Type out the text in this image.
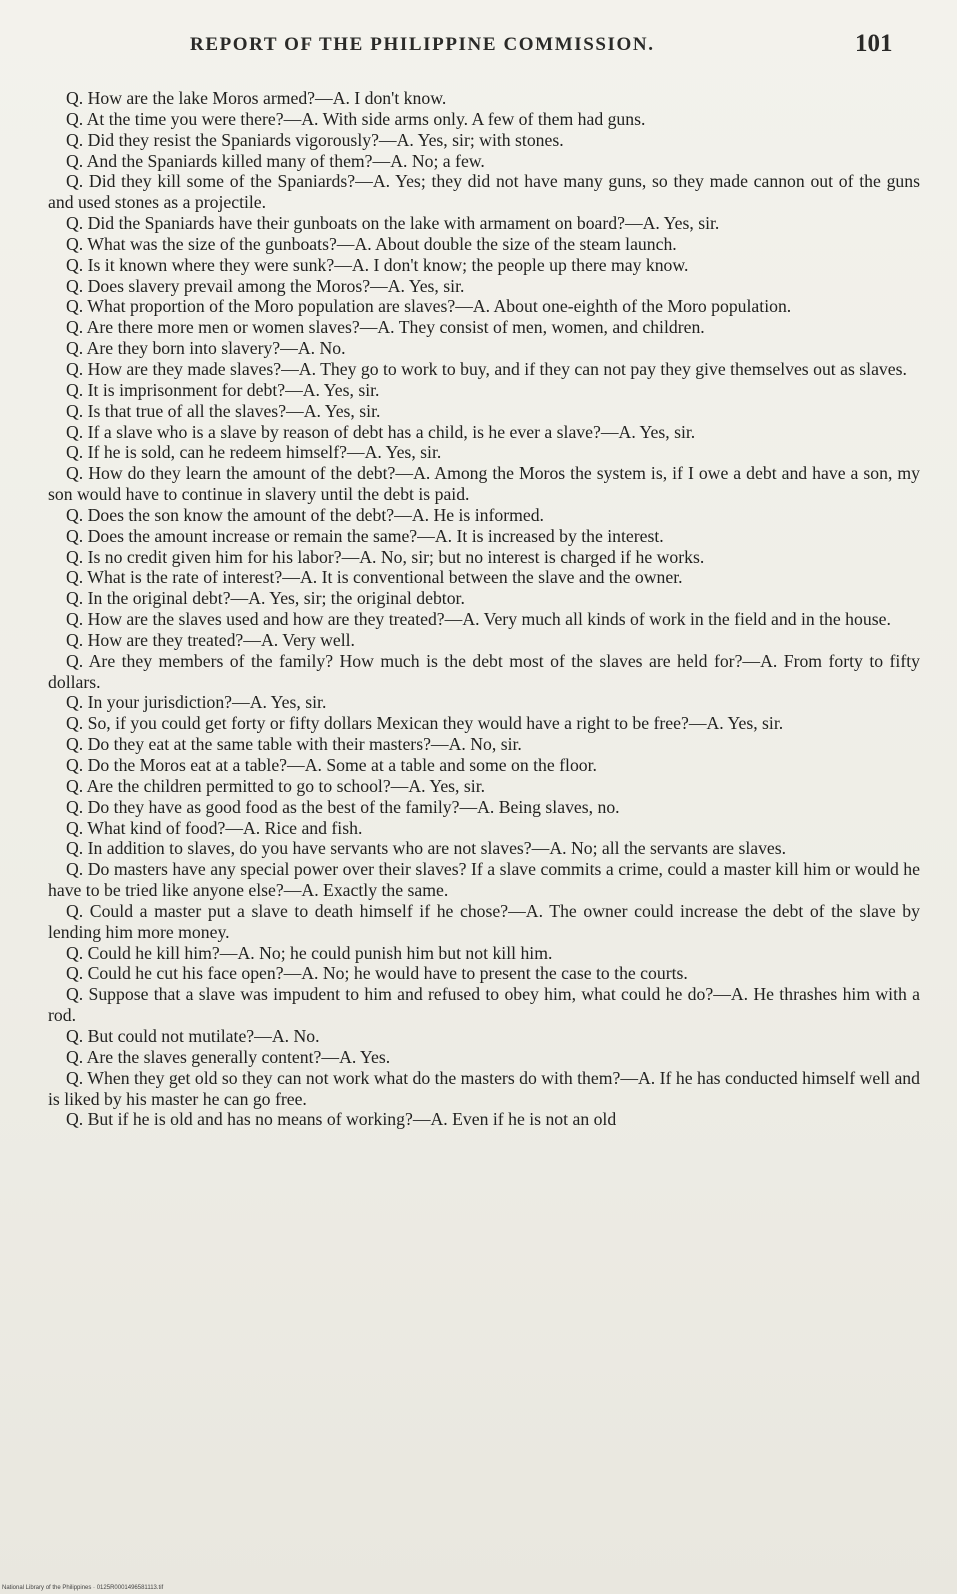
REPORT OF THE PHILIPPINE COMMISSION.	101

Q. How are the lake Moros armed?—A. I don't know.

Q. At the time you were there?—A. With side arms only. A few of them had guns.

Q. Did they resist the Spaniards vigorously?—A. Yes, sir; with stones.

Q. And the Spaniards killed many of them?—A. No; a few.

Q. Did they kill some of the Spaniards?—A. Yes; they did not have many guns, so they made cannon out of the guns and used stones as a projectile.

Q. Did the Spaniards have their gunboats on the lake with armament on board?—A. Yes, sir.

Q. What was the size of the gunboats?—A. About double the size of the steam launch.

Q. Is it known where they were sunk?—A. I don't know; the people up there may know.

Q. Does slavery prevail among the Moros?—A. Yes, sir.

Q. What proportion of the Moro population are slaves?—A. About one-eighth of the Moro population.

Q. Are there more men or women slaves?—A. They consist of men, women, and children.

Q. Are they born into slavery?—A. No.

Q. How are they made slaves?—A. They go to work to buy, and if they can not pay they give themselves out as slaves.

Q. It is imprisonment for debt?—A. Yes, sir.

Q. Is that true of all the slaves?—A. Yes, sir.

Q. If a slave who is a slave by reason of debt has a child, is he ever a slave?—A. Yes, sir.

Q. If he is sold, can he redeem himself?—A. Yes, sir.

Q. How do they learn the amount of the debt?—A. Among the Moros the system is, if I owe a debt and have a son, my son would have to continue in slavery until the debt is paid.

Q. Does the son know the amount of the debt?—A. He is informed.

Q. Does the amount increase or remain the same?—A. It is increased by the interest.

Q. Is no credit given him for his labor?—A. No, sir; but no interest is charged if he works.

Q. What is the rate of interest?—A. It is conventional between the slave and the owner.

Q. In the original debt?—A. Yes, sir; the original debtor.

Q. How are the slaves used and how are they treated?—A. Very much all kinds of work in the field and in the house.

Q. How are they treated?—A. Very well.

Q. Are they members of the family? How much is the debt most of the slaves are held for?—A. From forty to fifty dollars.

Q. In your jurisdiction?—A. Yes, sir.

Q. So, if you could get forty or fifty dollars Mexican they would have a right to be free?—A. Yes, sir.

Q. Do they eat at the same table with their masters?—A. No, sir.

Q. Do the Moros eat at a table?—A. Some at a table and some on the floor.

Q. Are the children permitted to go to school?—A. Yes, sir.

Q. Do they have as good food as the best of the family?—A. Being slaves, no.

Q. What kind of food?—A. Rice and fish.

Q. In addition to slaves, do you have servants who are not slaves?—A. No; all the servants are slaves.

Q. Do masters have any special power over their slaves? If a slave commits a crime, could a master kill him or would he have to be tried like anyone else?—A. Exactly the same.

Q. Could a master put a slave to death himself if he chose?—A. The owner could increase the debt of the slave by lending him more money.

Q. Could he kill him?—A. No; he could punish him but not kill him.

Q. Could he cut his face open?—A. No; he would have to present the case to the courts.

Q. Suppose that a slave was impudent to him and refused to obey him, what could he do?—A. He thrashes him with a rod.

Q. But could not mutilate?—A. No.

Q. Are the slaves generally content?—A. Yes.

Q. When they get old so they can not work what do the masters do with them?—A. If he has conducted himself well and is liked by his master he can go free.

Q. But if he is old and has no means of working?—A. Even if he is not an old

National Library of the Philippines · 0125R0001496581113.tif
